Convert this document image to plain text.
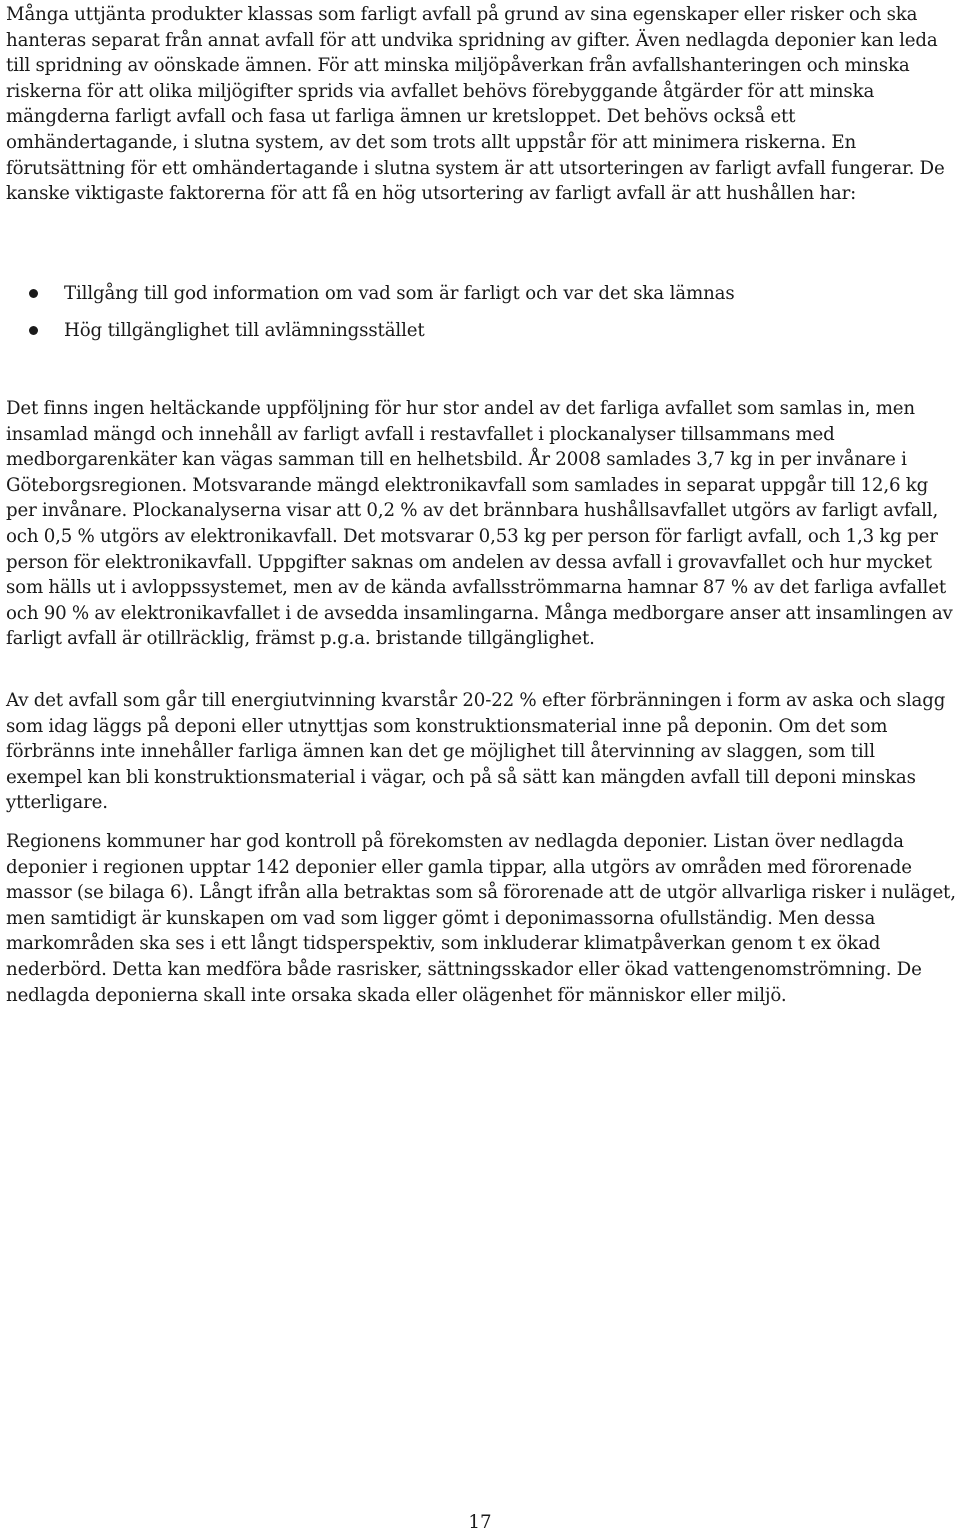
Många uttjänta produkter klassas som farligt avfall på grund av sina egenskaper eller risker och ska hanteras separat från annat avfall för att undvika spridning av gifter. Även nedlagda deponier kan leda till spridning av oönskade ämnen. För att minska miljöpåverkan från avfallshanteringen och minska riskerna för att olika miljögifter sprids via avfallet behövs förebyggande åtgärder för att minska mängderna farligt avfall och fasa ut farliga ämnen ur kretsloppet. Det behövs också ett omhändertagande, i slutna system, av det som trots allt uppstår för att minimera riskerna. En förutsättning för ett omhändertagande i slutna system är att utsorteringen av farligt avfall fungerar. De kanske viktigaste faktorerna för att få en hög utsortering av farligt avfall är att hushållen har:

Tillgång till god information om vad som är farligt och var det ska lämnas
Hög tillgänglighet till avlämningsstället

Det finns ingen heltäckande uppföljning för hur stor andel av det farliga avfallet som samlas in, men insamlad mängd och innehåll av farligt avfall i restavfallet i plockanalyser tillsammans med medborgarenkäter kan vägas samman till en helhetsbild. År 2008 samlades 3,7 kg in per invånare i Göteborgsregionen. Motsvarande mängd elektronikavfall som samlades in separat uppgår till 12,6 kg per invånare. Plockanalyserna visar att 0,2 % av det brännbara hushållsavfallet utgörs av farligt avfall, och 0,5 % utgörs av elektronikavfall. Det motsvarar 0,53 kg per person för farligt avfall, och 1,3 kg per person för elektronikavfall. Uppgifter saknas om andelen av dessa avfall i grovavfallet och hur mycket som hälls ut i avloppssystemet, men av de kända avfallsströmmarna hamnar 87 % av det farliga avfallet och 90 % av elektronikavfallet i de avsedda insamlingarna. Många medborgare anser att insamlingen av farligt avfall är otillräcklig, främst p.g.a. bristande tillgänglighet.

Av det avfall som går till energiutvinning kvarstår 20-22 % efter förbränningen i form av aska och slagg som idag läggs på deponi eller utnyttjas som konstruktionsmaterial inne på deponin. Om det som förbränns inte innehåller farliga ämnen kan det ge möjlighet till återvinning av slaggen, som till exempel kan bli konstruktionsmaterial i vägar, och på så sätt kan mängden avfall till deponi minskas ytterligare.

Regionens kommuner har god kontroll på förekomsten av nedlagda deponier. Listan över nedlagda deponier i regionen upptar 142 deponier eller gamla tippar, alla utgörs av områden med förorenade massor (se bilaga 6). Långt ifrån alla betraktas som så förorenade att de utgör allvarliga risker i nuläget, men samtidigt är kunskapen om vad som ligger gömt i deponimassorna ofullständig. Men dessa markområden ska ses i ett långt tidsperspektiv, som inkluderar klimatpåverkan genom t ex ökad nederbörd. Detta kan medföra både rasrisker, sättningsskador eller ökad vattengenomströmning. De nedlagda deponierna skall inte orsaka skada eller olägenhet för människor eller miljö.

17
